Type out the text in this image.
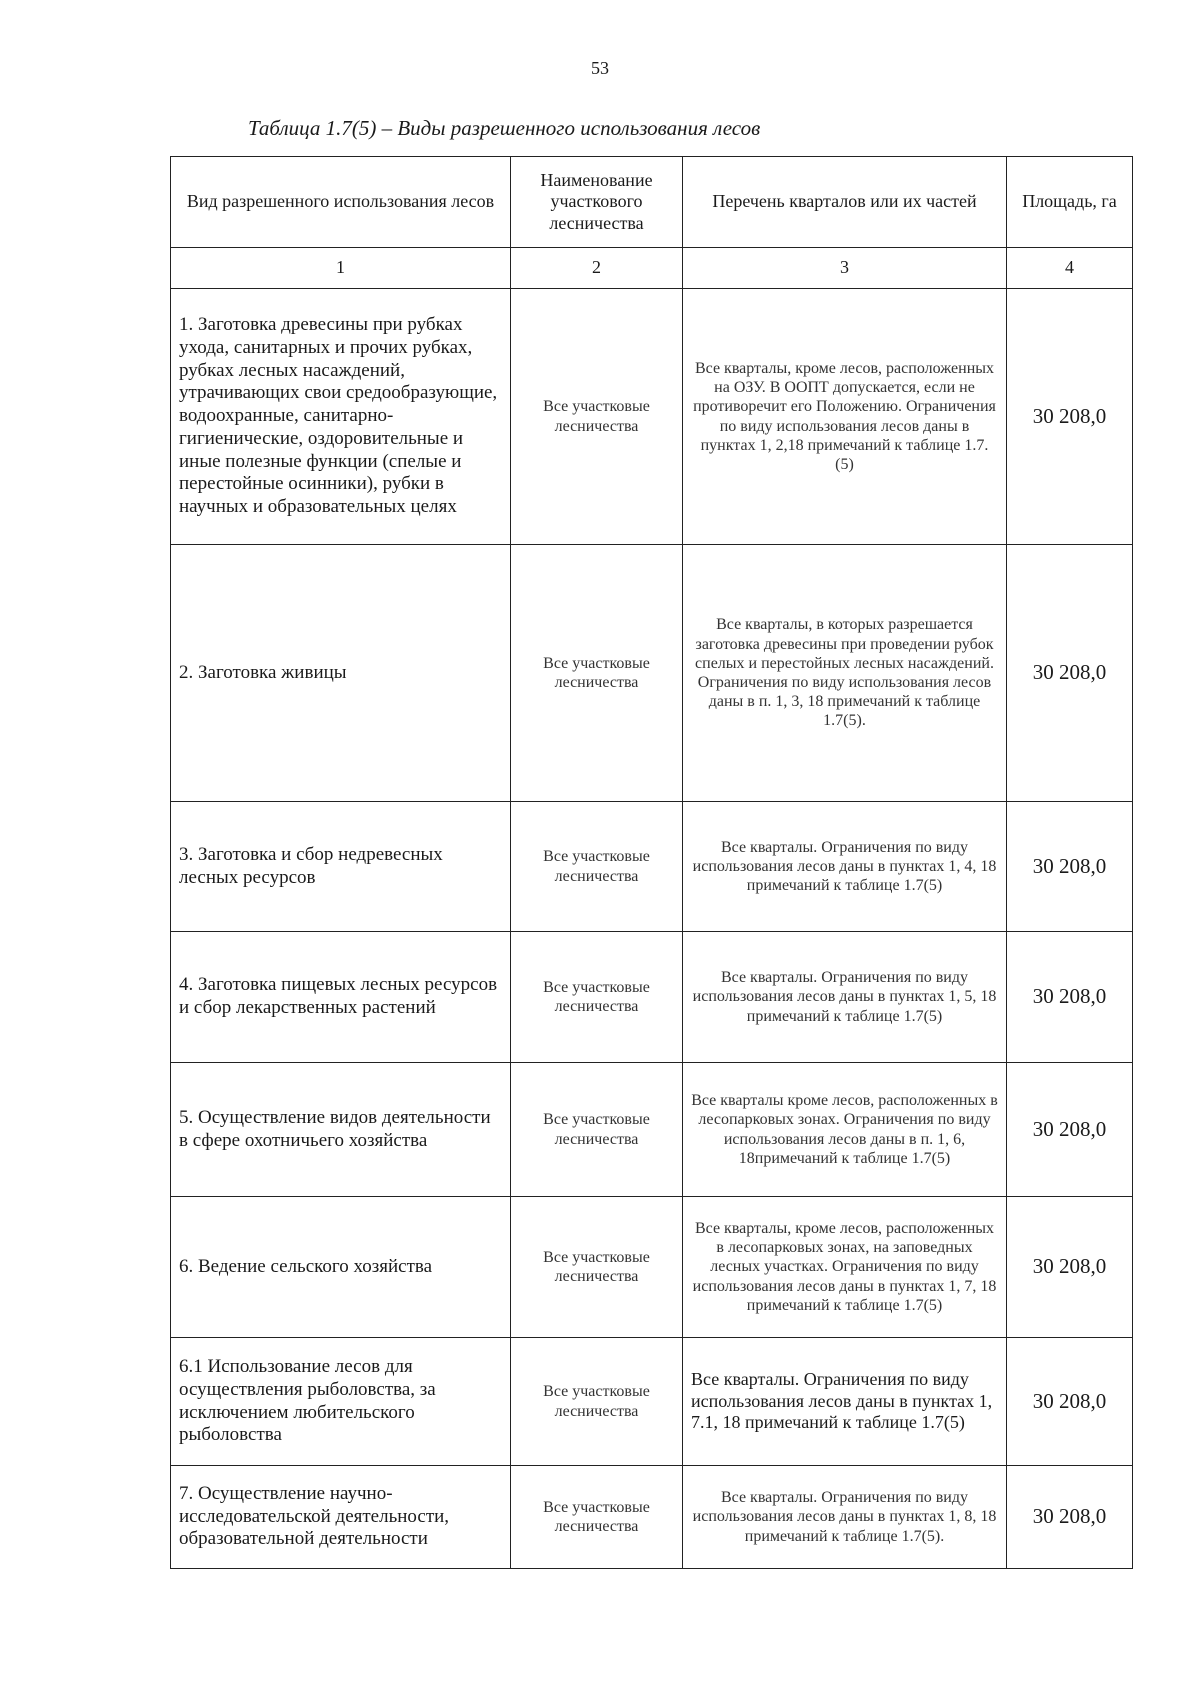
53
Таблица 1.7(5) – Виды разрешенного использования лесов
Вид разрешенного использования лесов	Наименование участкового лесничества	Перечень кварталов или их частей	Площадь, га
1	2	3	4
1. Заготовка древесины при рубках ухода, санитарных и прочих рубках, рубках лесных насаждений, утрачивающих свои средообразующие, водоохранные, санитарно-гигиенические, оздоровительные и иные полезные функции (спелые и перестойные осинники), рубки в научных и образовательных целях	Все участковые лесничества	Все кварталы, кроме лесов, расположенных на ОЗУ. В ООПТ допускается, если не противоречит его Положению. Ограничения по виду использования лесов даны в пунктах 1, 2,18 примечаний к таблице 1.7. (5)	30 208,0
2. Заготовка живицы	Все участковые лесничества	Все кварталы, в которых разрешается заготовка древесины при проведении рубок спелых и перестойных лесных насаждений. Ограничения по виду использования лесов даны в п. 1, 3, 18 примечаний к таблице 1.7(5).	30 208,0
3. Заготовка и сбор недревесных лесных ресурсов	Все участковые лесничества	Все кварталы. Ограничения по виду использования лесов даны в пунктах 1, 4, 18 примечаний к таблице 1.7(5)	30 208,0
4. Заготовка пищевых лесных ресурсов и сбор лекарственных растений	Все участковые лесничества	Все кварталы. Ограничения по виду использования лесов даны в пунктах 1, 5, 18 примечаний к таблице 1.7(5)	30 208,0
5. Осуществление видов деятельности в сфере охотничьего хозяйства	Все участковые лесничества	Все кварталы кроме лесов, расположенных в лесопарковых зонах. Ограничения по виду использования лесов даны в п. 1, 6, 18примечаний к таблице 1.7(5)	30 208,0
6. Ведение сельского хозяйства	Все участковые лесничества	Все кварталы, кроме лесов, расположенных в лесопарковых зонах, на заповедных лесных участках. Ограничения по виду использования лесов даны в пунктах 1, 7, 18 примечаний к таблице 1.7(5)	30 208,0
6.1 Использование лесов для осуществления рыболовства, за исключением любительского рыболовства	Все участковые лесничества	Все кварталы. Ограничения по виду использования лесов даны в пунктах 1, 7.1, 18 примечаний к таблице 1.7(5)	30 208,0
7. Осуществление научно-исследовательской деятельности, образовательной деятельности	Все участковые лесничества	Все кварталы. Ограничения по виду использования лесов даны в пунктах 1, 8, 18 примечаний к таблице 1.7(5).	30 208,0
